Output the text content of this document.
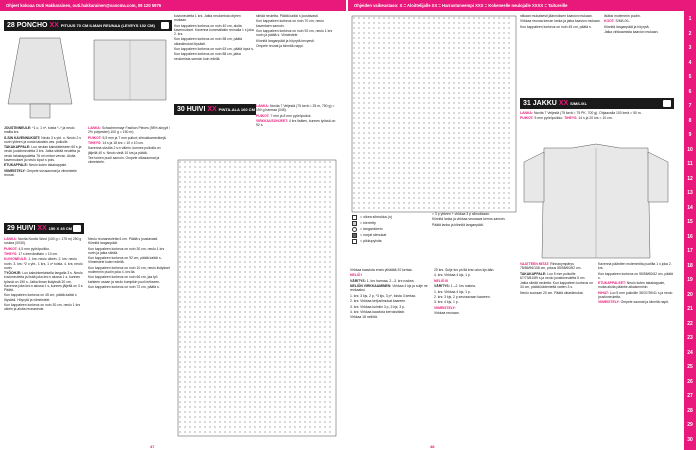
Ohjeet kokoaa Outi Hakkarainen, outi.hakkarainen@sanoma.com, 09 120 5976	Ohjeiden vaikeustaso: X = Aloittelijalle XX = Harrastuneempi XXX = Kokeneelle neulojalle XXXX = Taitureille
1
2
3
4
5
6
7
8
9
10
11
12
13
14
15
16
17
18
19
20
21
22
23
24
25
26
27
28
29
30
28 PONCHO XX PITUUS 70 CM ILMAN REUNAA (LEVEYS 102 CM)

JOUSTINNEULE: *1 o, 1 n*, toista *–* ja neulo mallia krs.

S-SIN KAVENNUKSET: Neulo 3 s yht. o. Neulo 2 s nurin yhteen ja nosta takaisin vas. puikolle.

TAKAKAPPALE: Luo neulan kaksiotteiseen 60 s ja neulo joustinneuletta 3 krs. Jatka sileää neuletta ja neulo takakappaletta 76 cm mitan verran. Aloita kavennukset ja neulo loput s pois.

ETUKAPPALE: Neulo kuten takakappale.

VIIMEISTELY: Ompele sivusaumat ja viimeistele reunat.

LANKA: Schachenmayr Fashion Pieces (98% akryyli / 2% polyesteri) 100 g = 150 m).

PUIKOT: 5,5 mm ja 7 mm puikot; silmukkamerkkejä.

TIHEYS: 14 s ja 18 krs = 10 x 10 cm.

Kavenna sivuilla 2 s:n välein, kunnes puikolla on jäljellä 40 s. Neulo vielä 10 krs ja päätä.

Tee toinen puoli samoin. Ompele olkasaumat ja viimeistele.

29 HUIVI XX 150 X 45 CM

LANKA: Novita Nordic Wool (100 g = 175 m) 250 g ruskea (0030).

PUIKOT: 4,5 mm pyöröpuikko.

TIHEYS: 17 s kerroksittain = 10 cm.

KUVIONEULE: 1. krs: neulo oikein. 2. krs: neulo nurin. 3. krs: *2 o yht., 1 krs, 1 o* toista. 4. krs: neulo nurin.

TYÖOHJE: Luo kaksinkertaisella langalla 3 s. Neulo kuvioneuletta ja lisää joka krs:n alussa 1 s, kunnes työssä on 150 s. Jatka ilman lisäyksiä 20 cm. Kavenna joka krs:n alussa 1 s, kunnes jäljellä on 3 s. Päätä.

Kun kappaleen korkeus on 45 cm, päätä kaikki s löysästi. Höyrytä ja viimeistele.

Kun kappaleen korkeus on noin 30 cm, neulo 1 krs oikein ja aloita reunaneule.

Neulo reunaneuletta 6 cm. Päätä s joustavasti. Kiinnitä langanpäät.

Kun kappaleen korkeus on noin 30 cm, neulo 1 krs nurin ja jatka sileää.

Kun kappaleen korkeus on 92 cm, päätä kaikki s. Viimeistele kuten edellä.

Kun kappaleen korkeus on noin 10 cm, neulo lisäykset molemmin puolin joka 4. krs:lla.

Kun kappaleen korkeus on noin 66 cm, jaa työ kahteen osaan ja neulo kumpikin puoli erikseen.

Kun kappaleen korkeus on noin 72 cm, päätä s.

kuvioneuletta 1 krs. Jatka neulomista ohjeen mukaan.

Kun kappaleen korkeus on noin 40 cm, aloita kavennukset. Kavenna kummallakin reunalla 1 s joka 2. krs.

Kun kappaleen korkeus on noin 58 cm, päätä olkasilmukat löysästi.

Kun kappaleen korkeus on noin 63 cm, päätä loput s.

Kun kappaleen korkeus on noin 88 cm, jatka neulomista samoin kuin edellä.

sileää neuletta. Päätä kaikki s joustavasti.

Kun kappaleen korkeus on noin 70 cm, neulo kaventaen samoin.

Kun kappaleen korkeus on noin 92 cm, neulo 1 krs nurin ja päätä s. Viimeistele.

Kiinnitä langanpäät ja höyrytä kevyesti.

Ompele reunat ja kiinnitä nappi.

30 HUIVI XX PINTA-ALA 160 CM

LANKA: Novita 7 Veljestä (75 kerä = 25 m, 750 g) = 150 g harmaa (045).

PUIKOT: 7 mm ja 8 mm pyöröpuikot.

VIRKKAUSOHJEET: 4 krs lisäten, kunnes työssä on 92 s.

= oikea silmukka (o)
= kierretty
= langankierto
= nurjat silmukat
= pikkupylväs

= 3 p yhteen + virkkaa 3 p silmukkaan.

Kiinnitä lanka ja virkkaa seuraava kerros samoin.

Päätä lanka ja kiinnitä langanpäät.

Virkkaa kaaviota ensin ylhäältä 20 kertaa.

NELIÖ I

VÄRITYS: 1. krs harmaa, 2.–3. krs ruskea.

NELIÖN VIRKKAAMINEN: Virkkaa 4 kjs ja sulje ne renkaaksi.

1. krs: 3 kjs, 2 p, *3 kjs, 3 p*, toista 3 kertaa.

2. krs: Virkkaa ketjusilmukat kaareen.

3. krs: Virkkaa kulmiin 3 p, 3 kjs, 3 p.

4. krs: Virkkaa kaaviota kerroksittain.

Virkkaa 18 neliötä.

20 krs. Sulje krs ps:llä krsn alun kjs:ään.

4. krs: Virkkaa 4 kjs, 1 p.

NELIÖ III

VÄRITYS: 1.–2. krs ruskea.

1. krs: Virkkaa 4 kjs, 1 p.

2. krs: 3 kjs, 2 p seuraavaan kaareen.

3. krs: 4 kjs, 1 p.

VIIMEISTELY:

Virkkaa reunaan.

nilkaan mukaisesti jäännöksen kaavion mukaan.

Virkkaa reunaa kerran lanka ja jatka kaavion mukaan.

Kun kappaleen korkeus on noin 45 cm, päätä s.

lisäksi molemmin puolin.

KOOT: S/M/L/XL.

Kiinnitä langanpäät ja höyrytä.

Jatka virkkaamista kaavion mukaan.

31 JAKKU XX S/M/L/XL

LANKA: Novita 7 Veljestä (75 kerä = 75 PK, 700 g). Ohjaavalla 100 kerä = 50 m.

PUIKOT: 5 mm pyöröpuikko. TIHEYS: 14 s ja 20 krs = 10 cm.

VAATTEEN MITAT: Rinnanympärys 78/86/96/108 cm, pituus 55/58/60/62 cm.

TAKAKAPPALE: Luo 5 mm puikoille 67/73/81/89 s ja neulo joustinneuletta 5 cm.

Jatka sileää neuletta. Kun kappaleen korkeus on 34 cm, päätä kädenteitä varten 3 s.

Neulo suoraan 20 cm. Päätä olkasilmukat.

Kavenna pääntien molemmilta puolilta 1 s joka 2. krs.

Kun kappaleen korkeus on 55/58/60/62 cm, päätä s.

ETUKAPPALEET: Neulo kuten takakappale, mutta aloita pääntie aikaisemmin.

HIHAT: Luo 5 mm puikoille 35/37/39/41 s ja neulo joustinneuletta.

VIIMEISTELY: Ompele saumat ja kiinnitä napit.

47	48
